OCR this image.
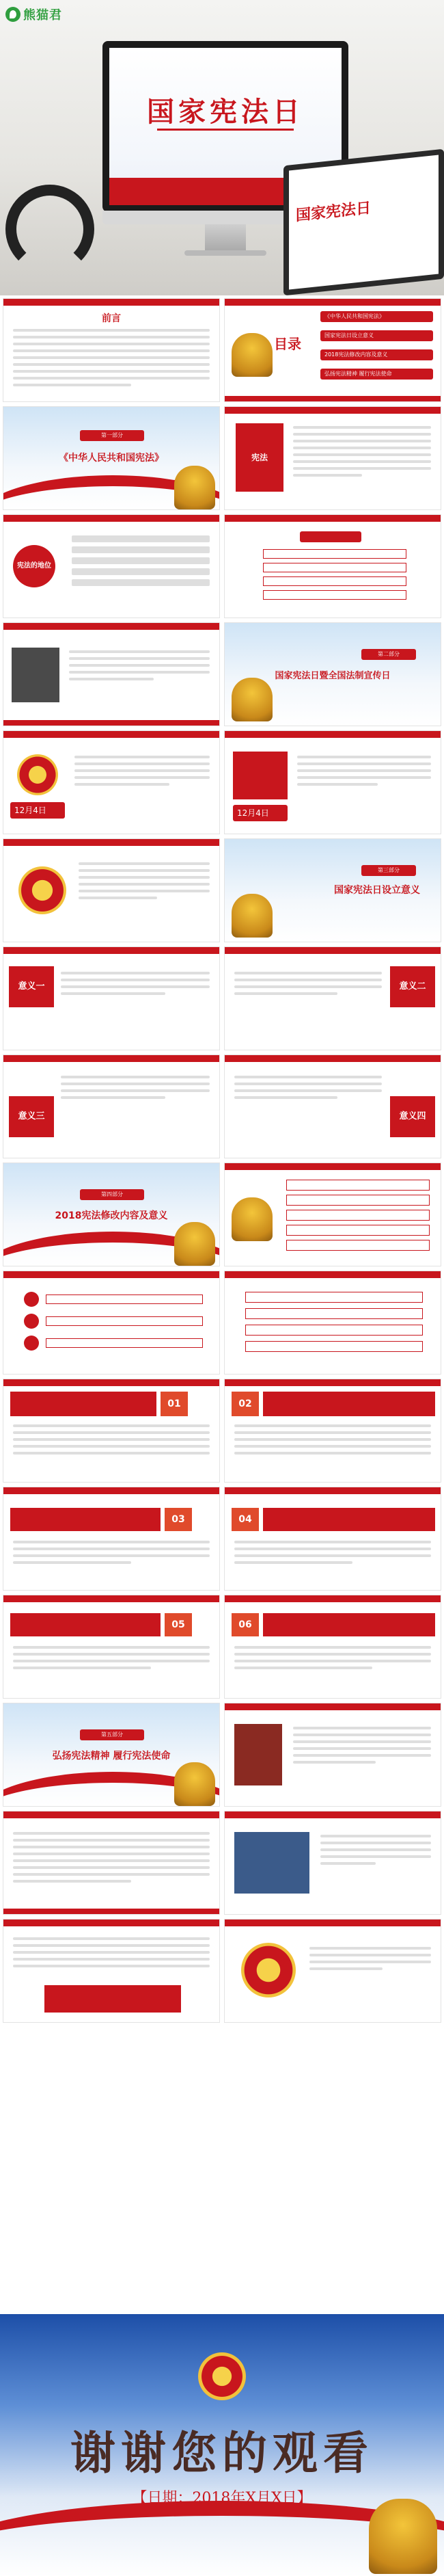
熊猫君
国家宪法日
国家宪法日
前言
目录
《中华人民共和国宪法》
国家宪法日设立意义
2018宪法修改内容及意义
弘扬宪法精神 履行宪法使命
第一部分
《中华人民共和国宪法》	宪法
宪法的地位
第二部分
国家宪法日暨全国法制宣传日
12月4日	12月4日
第三部分
国家宪法日设立意义
意义一	意义二
意义三	意义四
第四部分
2018宪法修改内容及意义
01	02
03	04
05	06
第五部分
弘扬宪法精神 履行宪法使命
谢谢您的观看
【日期：2018年X月X日】
